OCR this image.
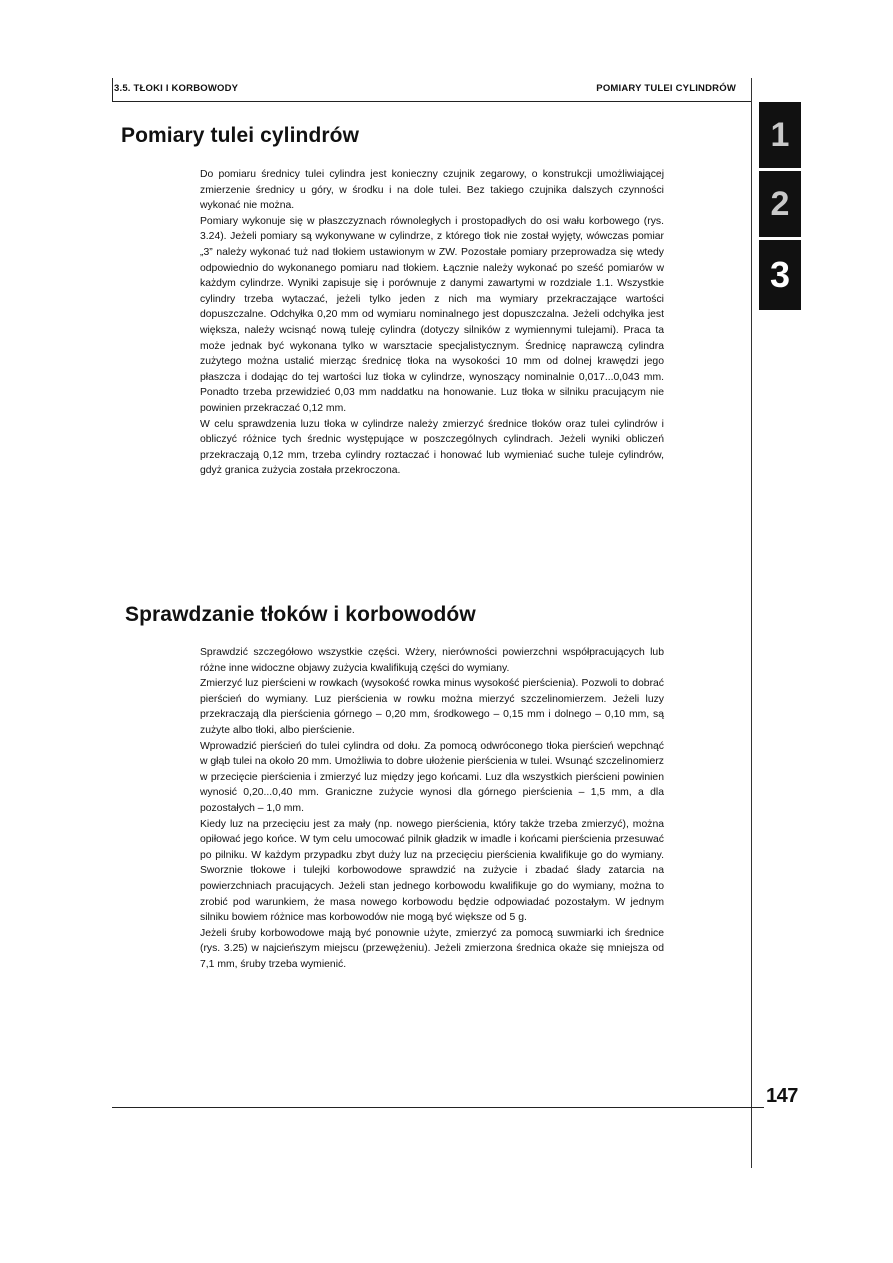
3.5. TŁOKI I KORBOWODY	POMIARY TULEI CYLINDRÓW
1
2
3
Pomiary tulei cylindrów
Do pomiaru średnicy tulei cylindra jest konieczny czujnik zegarowy, o konstrukcji umożliwiającej zmierzenie średnicy u góry, w środku i na dole tulei. Bez takiego czujnika dalszych czynności wykonać nie można.
Pomiary wykonuje się w płaszczyznach równoległych i prostopadłych do osi wału korbowego (rys. 3.24). Jeżeli pomiary są wykonywane w cylindrze, z którego tłok nie został wyjęty, wówczas pomiar „3” należy wykonać tuż nad tłokiem ustawionym w ZW. Pozostałe pomiary przeprowadza się wtedy odpowiednio do wykonanego pomiaru nad tłokiem. Łącznie należy wykonać po sześć pomiarów w każdym cylindrze. Wyniki zapisuje się i porównuje z danymi zawartymi w rozdziale 1.1. Wszystkie cylindry trzeba wytaczać, jeżeli tylko jeden z nich ma wymiary przekraczające wartości dopuszczalne. Odchyłka 0,20 mm od wymiaru nominalnego jest dopuszczalna. Jeżeli odchyłka jest większa, należy wcisnąć nową tuleję cylindra (dotyczy silników z wymiennymi tulejami). Praca ta może jednak być wykonana tylko w warsztacie specjalistycznym. Średnicę naprawczą cylindra zużytego można ustalić mierząc średnicę tłoka na wysokości 10 mm od dolnej krawędzi jego płaszcza i dodając do tej wartości luz tłoka w cylindrze, wynoszący nominalnie 0,017...0,043 mm. Ponadto trzeba przewidzieć 0,03 mm naddatku na honowanie. Luz tłoka w silniku pracującym nie powinien przekraczać 0,12 mm.
W celu sprawdzenia luzu tłoka w cylindrze należy zmierzyć średnice tłoków oraz tulei cylindrów i obliczyć różnice tych średnic występujące w poszczególnych cylindrach. Jeżeli wyniki obliczeń przekraczają 0,12 mm, trzeba cylindry roztaczać i honować lub wymieniać suche tuleje cylindrów, gdyż granica zużycia została przekroczona.
Sprawdzanie tłoków i korbowodów
Sprawdzić szczegółowo wszystkie części. Wżery, nierówności powierzchni współpracujących lub różne inne widoczne objawy zużycia kwalifikują części do wymiany.
Zmierzyć luz pierścieni w rowkach (wysokość rowka minus wysokość pierścienia). Pozwoli to dobrać pierścień do wymiany. Luz pierścienia w rowku można mierzyć szczelinomierzem. Jeżeli luzy przekraczają dla pierścienia górnego – 0,20 mm, środkowego – 0,15 mm i dolnego – 0,10 mm, są zużyte albo tłoki, albo pierścienie.
Wprowadzić pierścień do tulei cylindra od dołu. Za pomocą odwróconego tłoka pierścień wepchnąć w głąb tulei na około 20 mm. Umożliwia to dobre ułożenie pierścienia w tulei. Wsunąć szczelinomierz w przecięcie pierścienia i zmierzyć luz między jego końcami. Luz dla wszystkich pierścieni powinien wynosić 0,20...0,40 mm. Graniczne zużycie wynosi dla górnego pierścienia – 1,5 mm, a dla pozostałych – 1,0 mm.
Kiedy luz na przecięciu jest za mały (np. nowego pierścienia, który także trzeba zmierzyć), można opiłować jego końce. W tym celu umocować pilnik gładzik w imadle i końcami pierścienia przesuwać po pilniku. W każdym przypadku zbyt duży luz na przecięciu pierścienia kwalifikuje go do wymiany. Sworznie tłokowe i tulejki korbowodowe sprawdzić na zużycie i zbadać ślady zatarcia na powierzchniach pracujących. Jeżeli stan jednego korbowodu kwalifikuje go do wymiany, można to zrobić pod warunkiem, że masa nowego korbowodu będzie odpowiadać pozostałym. W jednym silniku bowiem różnice mas korbowodów nie mogą być większe od 5 g.
Jeżeli śruby korbowodowe mają być ponownie użyte, zmierzyć za pomocą suwmiarki ich średnice (rys. 3.25) w najcieńszym miejscu (przewężeniu). Jeżeli zmierzona średnica okaże się mniejsza od 7,1 mm, śruby trzeba wymienić.
147
